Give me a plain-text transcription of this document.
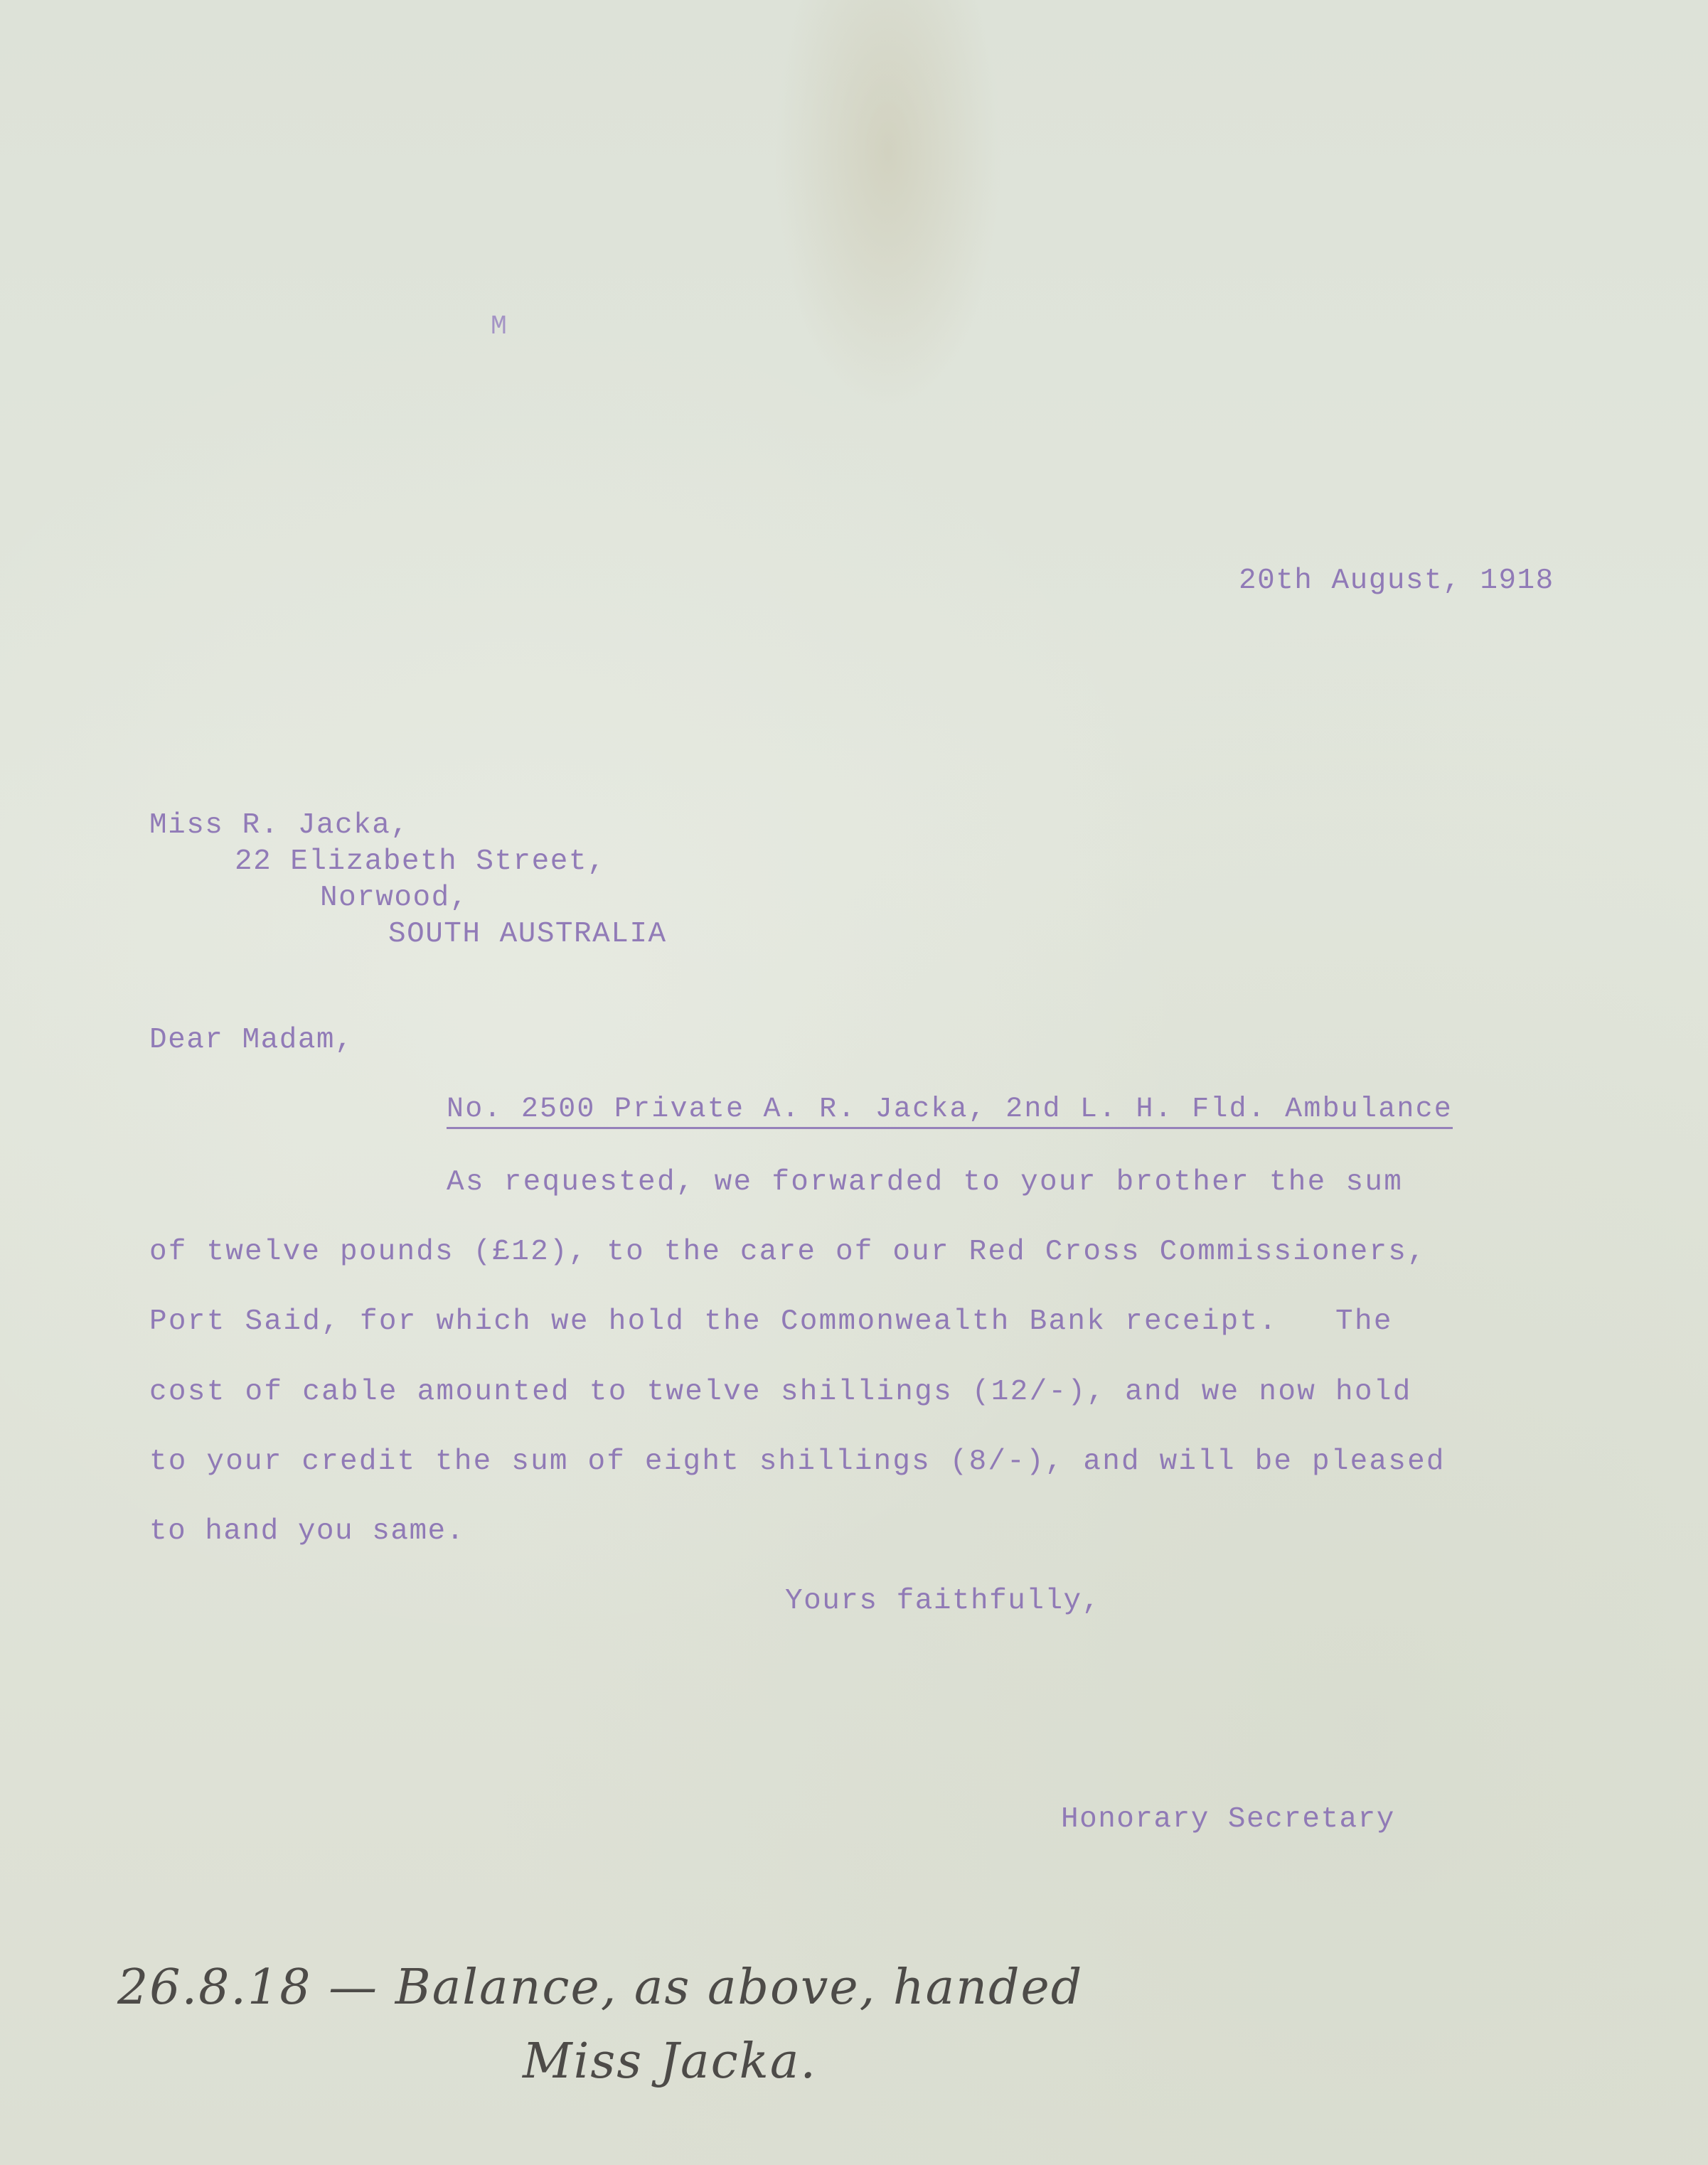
M
20th August, 1918
Miss R. Jacka,
22 Elizabeth Street,
Norwood,
SOUTH AUSTRALIA
Dear Madam,
No. 2500 Private A. R. Jacka, 2nd L. H. Fld. Ambulance
As requested, we forwarded to your brother the sum
of twelve pounds (£12), to the care of our Red Cross Commissioners,
Port Said, for which we hold the Commonwealth Bank receipt.   The
cost of cable amounted to twelve shillings (12/-), and we now hold
to your credit the sum of eight shillings (8/-), and will be pleased
to hand you same.
Yours faithfully,
Honorary Secretary
26.8.18 — Balance, as above, handed
Miss Jacka.
